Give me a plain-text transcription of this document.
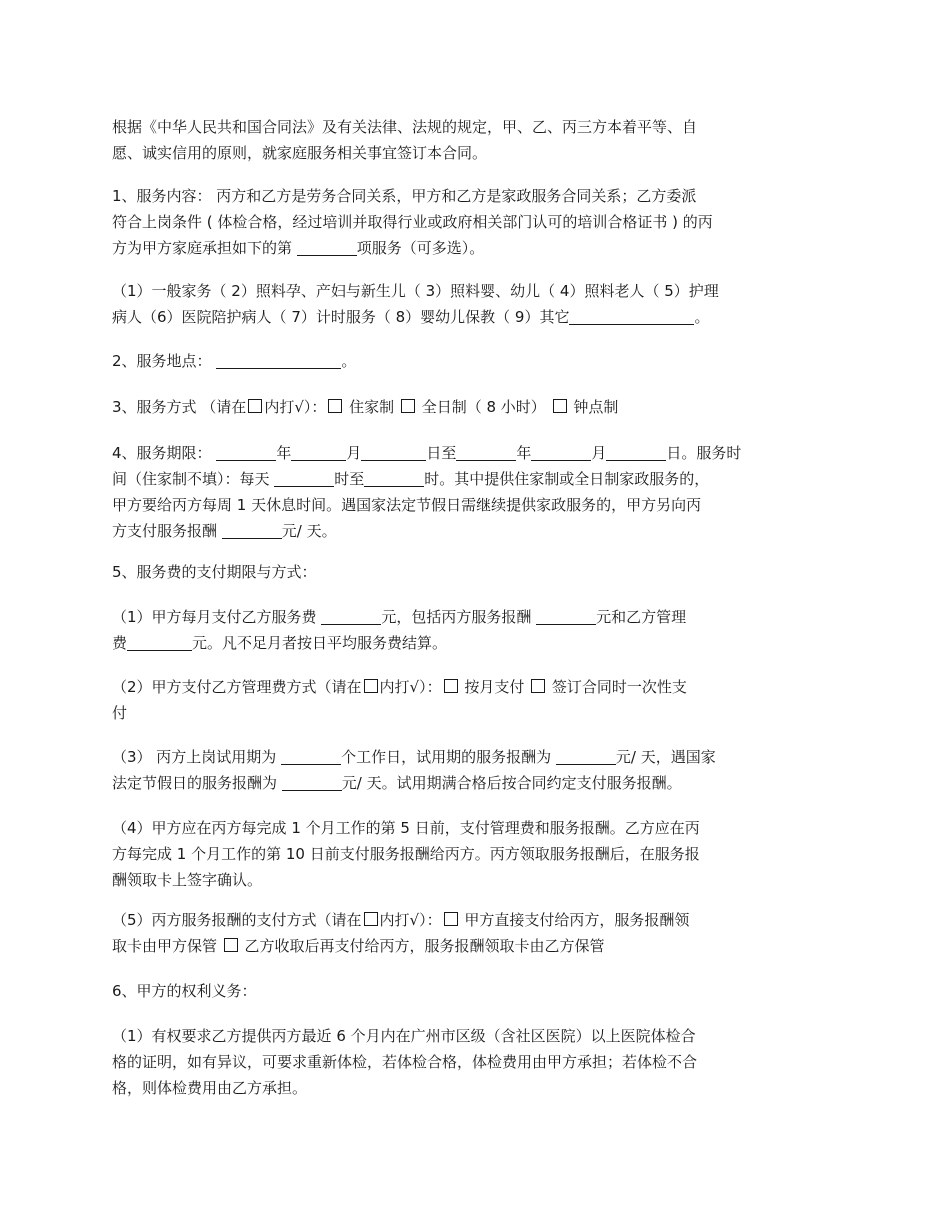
根据《中华人民共和国合同法》及有关法律、法规的规定，甲、乙、丙三方本着平等、自
愿、诚实信用的原则，就家庭服务相关事宜签订本合同。
1、服务内容： 丙方和乙方是劳务合同关系，甲方和乙方是家政服务合同关系；乙方委派
符合上岗条件 ( 体检合格，经过培训并取得行业或政府相关部门认可的培训合格证书 ) 的丙
方为甲方家庭承担如下的第	项服务（可多选）。
（1）一般家务（ 2）照料孕、产妇与新生儿（ 3）照料婴、幼儿（ 4）照料老人（ 5）护理
病人（6）医院陪护病人（ 7）计时服务（ 8）婴幼儿保教（ 9）其它	。
2、服务地点：	。
3、服务方式 （请在 内打√）： 住家制  全日制（ 8 小时）  钟点制
4、服务期限：	年	月	日至	年	月	日。服务时
间（住家制不填）：每天	时至	时。其中提供住家制或全日制家政服务的，
甲方要给丙方每周 1 天休息时间。遇国家法定节假日需继续提供家政服务的，甲方另向丙
方支付服务报酬	元/ 天。
5、服务费的支付期限与方式：
（1）甲方每月支付乙方服务费	元，包括丙方服务报酬	元和乙方管理
费	元。凡不足月者按日平均服务费结算。
（2）甲方支付乙方管理费方式（请在 内打√）： 按月支付  签订合同时一次性支
付
（3） 丙方上岗试用期为	个工作日，试用期的服务报酬为	元/ 天，遇国家
法定节假日的服务报酬为	元/ 天。试用期满合格后按合同约定支付服务报酬。
（4）甲方应在丙方每完成 1 个月工作的第 5 日前，支付管理费和服务报酬。乙方应在丙
方每完成 1 个月工作的第 10 日前支付服务报酬给丙方。丙方领取服务报酬后，在服务报
酬领取卡上签字确认。
（5）丙方服务报酬的支付方式（请在 内打√）： 甲方直接支付给丙方，服务报酬领
取卡由甲方保管  乙方收取后再支付给丙方，服务报酬领取卡由乙方保管
6、甲方的权利义务：
（1）有权要求乙方提供丙方最近 6 个月内在广州市区级（含社区医院）以上医院体检合
格的证明，如有异议，可要求重新体检，若体检合格，体检费用由甲方承担；若体检不合
格，则体检费用由乙方承担。
